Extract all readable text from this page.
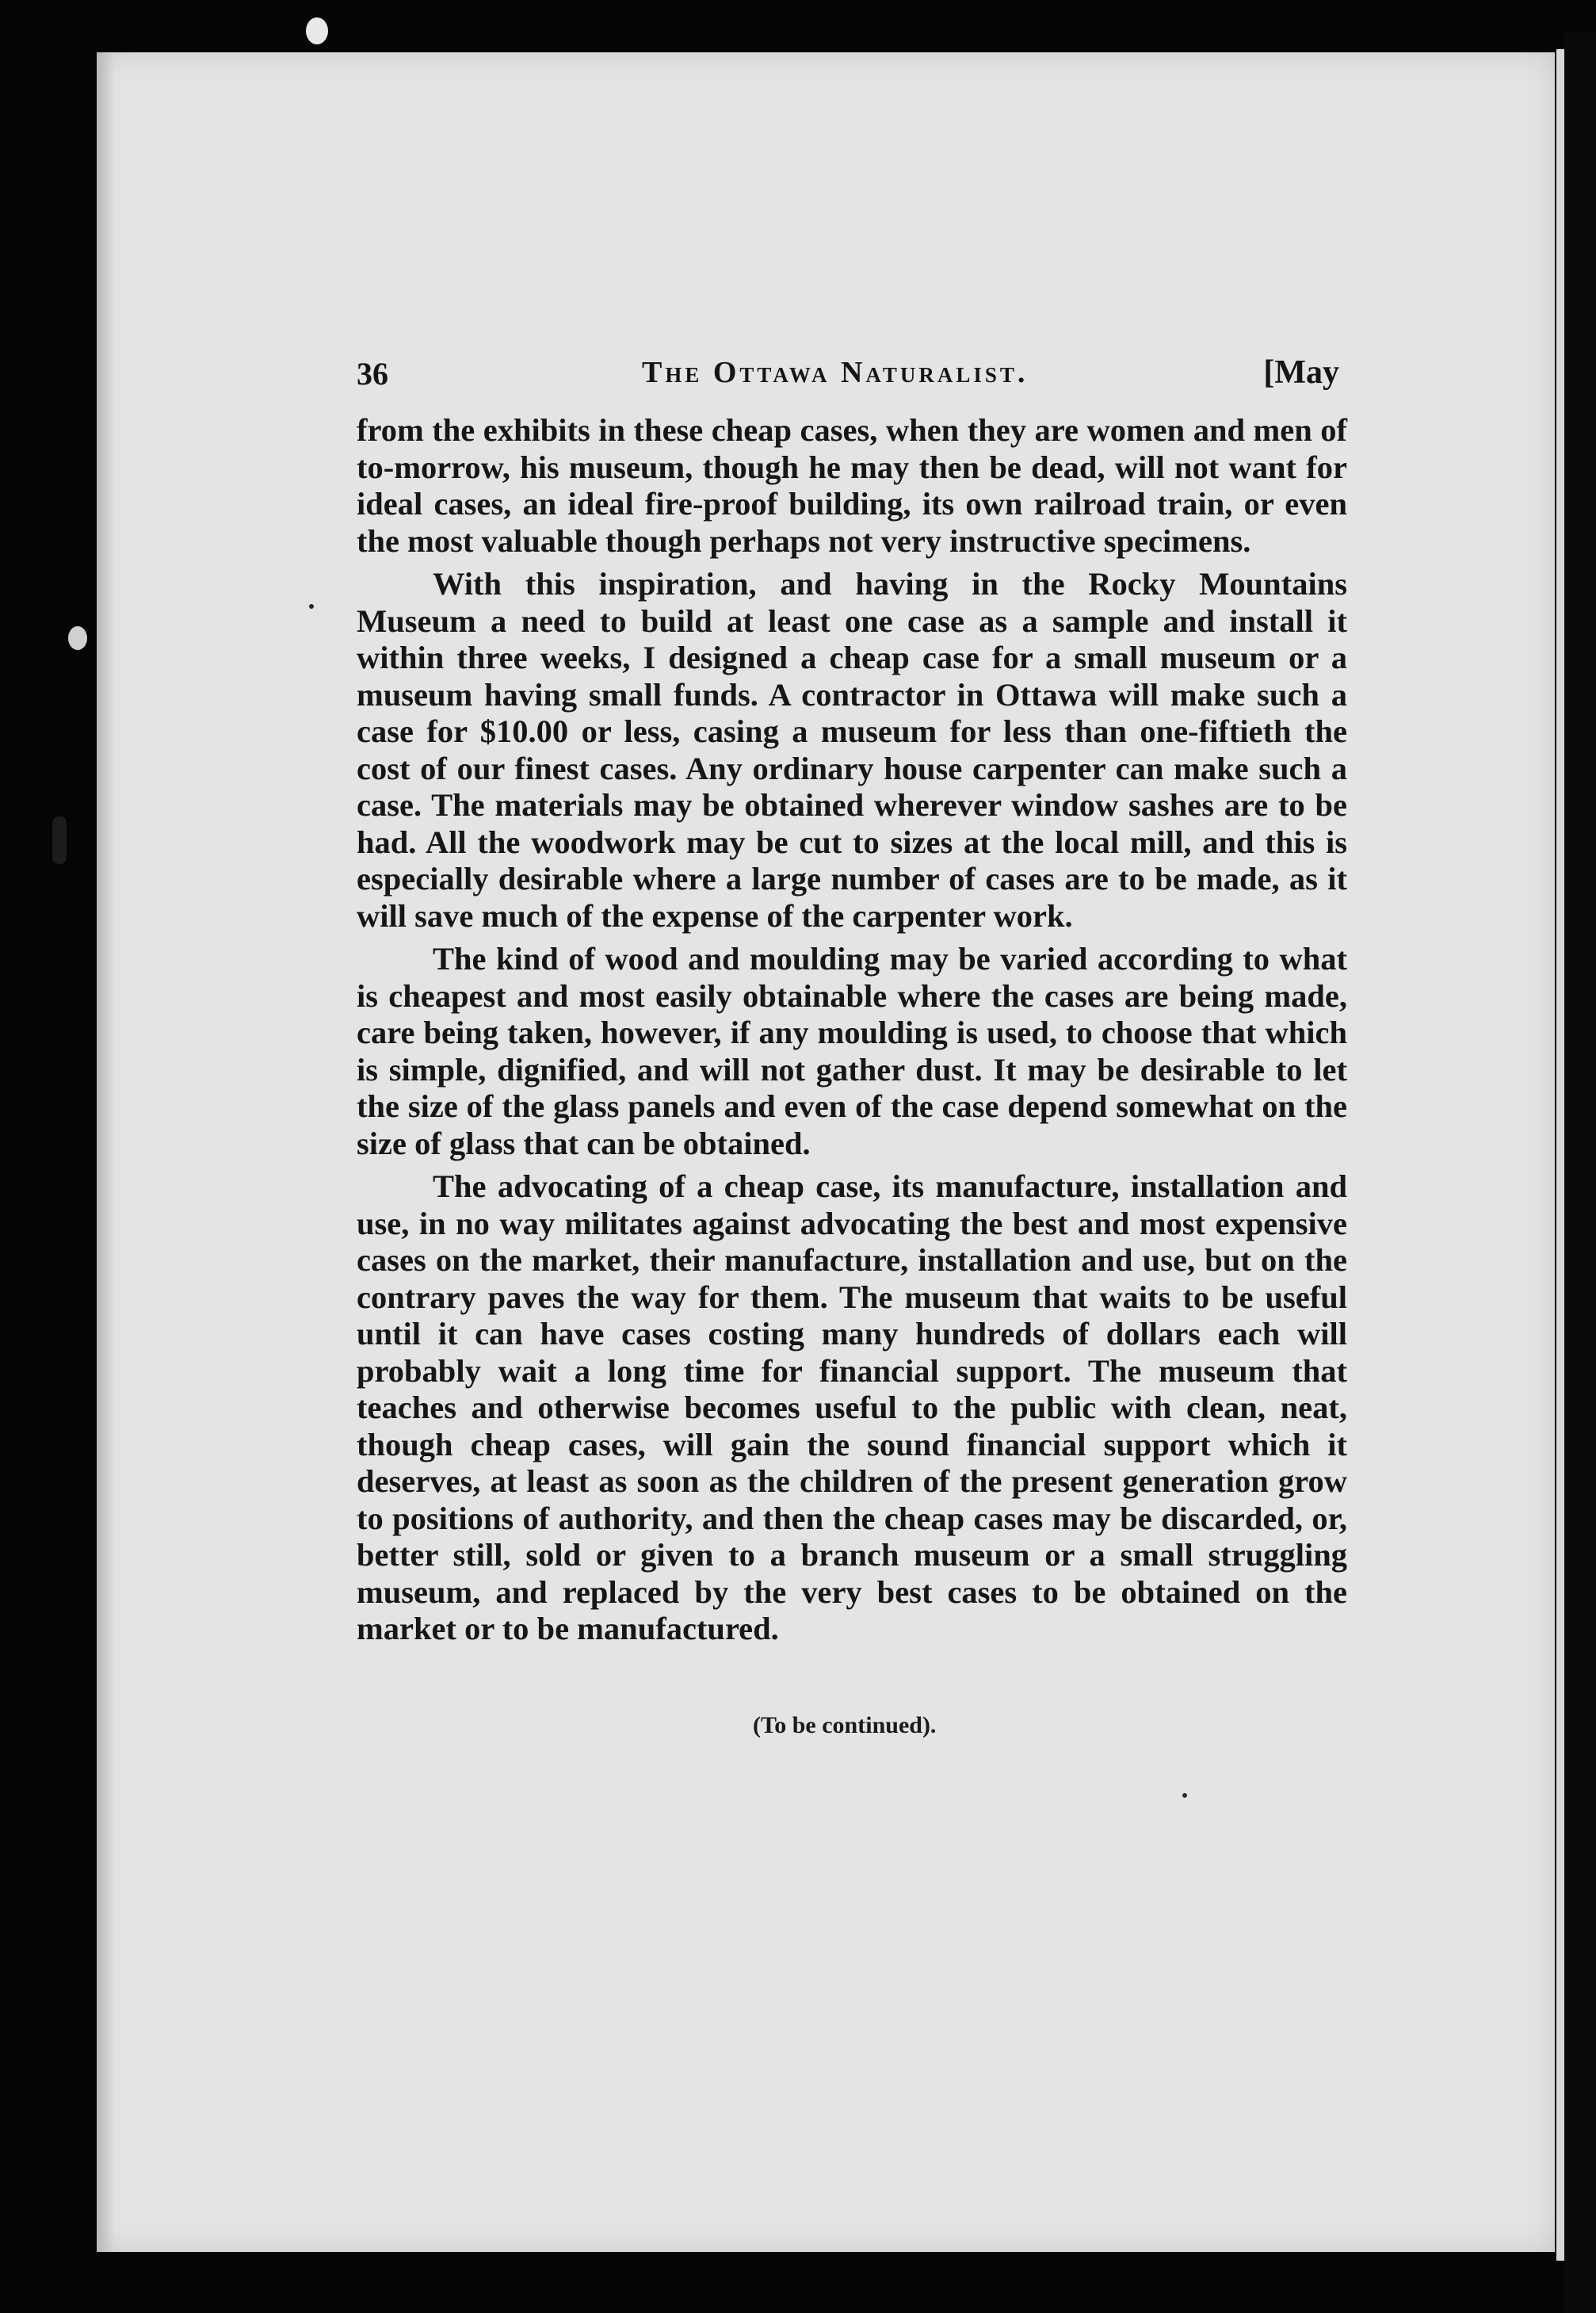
36	The Ottawa Naturalist.	[May

from the exhibits in these cheap cases, when they are women and men of to-morrow, his museum, though he may then be dead, will not want for ideal cases, an ideal fire-proof building, its own railroad train, or even the most valuable though perhaps not very instructive specimens.

With this inspiration, and having in the Rocky Mountains Museum a need to build at least one case as a sample and install it within three weeks, I designed a cheap case for a small museum or a museum having small funds. A contractor in Ottawa will make such a case for $10.00 or less, casing a museum for less than one-fiftieth the cost of our finest cases. Any ordinary house carpenter can make such a case. The materials may be obtained wherever window sashes are to be had. All the woodwork may be cut to sizes at the local mill, and this is especially desirable where a large number of cases are to be made, as it will save much of the expense of the carpenter work.

The kind of wood and moulding may be varied according to what is cheapest and most easily obtainable where the cases are being made, care being taken, however, if any moulding is used, to choose that which is simple, dignified, and will not gather dust. It may be desirable to let the size of the glass panels and even of the case depend somewhat on the size of glass that can be obtained.

The advocating of a cheap case, its manufacture, installation and use, in no way militates against advocating the best and most expensive cases on the market, their manufacture, installation and use, but on the contrary paves the way for them. The museum that waits to be useful until it can have cases costing many hundreds of dollars each will probably wait a long time for financial support. The museum that teaches and otherwise becomes useful to the public with clean, neat, though cheap cases, will gain the sound financial support which it deserves, at least as soon as the children of the present generation grow to positions of authority, and then the cheap cases may be discarded, or, better still, sold or given to a branch museum or a small struggling museum, and replaced by the very best cases to be obtained on the market or to be manufactured.

(To be continued).
